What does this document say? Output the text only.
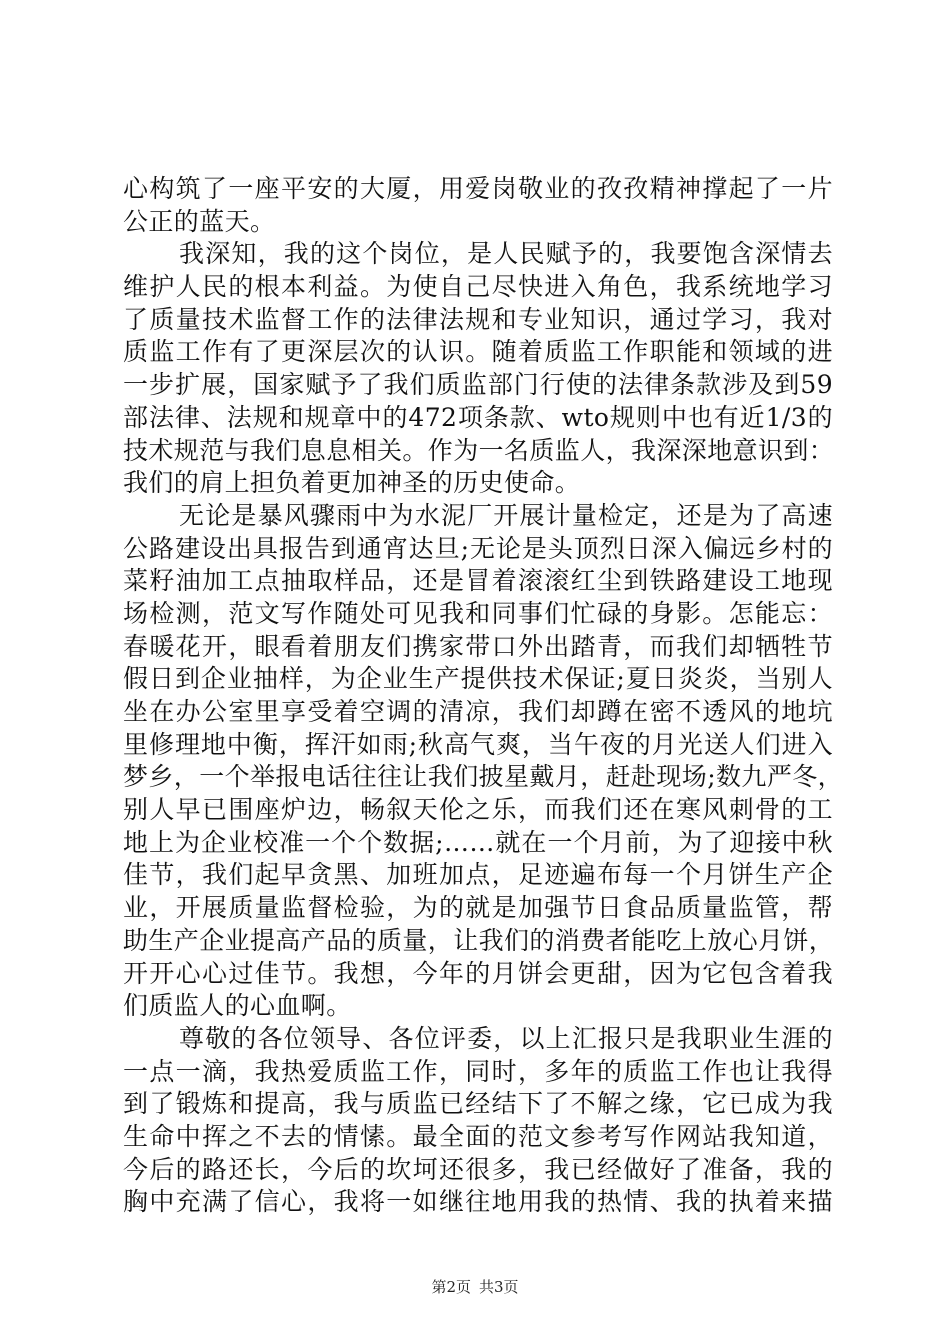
心构筑了一座平安的大厦，用爱岗敬业的孜孜精神撑起了一片
公正的蓝天。
我深知，我的这个岗位，是人民赋予的，我要饱含深情去
维护人民的根本利益。为使自己尽快进入角色，我系统地学习
了质量技术监督工作的法律法规和专业知识，通过学习，我对
质监工作有了更深层次的认识。随着质监工作职能和领域的进
一步扩展，国家赋予了我们质监部门行使的法律条款涉及到59
部法律、法规和规章中的472项条款、wto规则中也有近1/3的
技术规范与我们息息相关。作为一名质监人，我深深地意识到：
我们的肩上担负着更加神圣的历史使命。
无论是暴风骤雨中为水泥厂开展计量检定，还是为了高速
公路建设出具报告到通宵达旦;无论是头顶烈日深入偏远乡村的
菜籽油加工点抽取样品，还是冒着滚滚红尘到铁路建设工地现
场检测，范文写作随处可见我和同事们忙碌的身影。怎能忘：
春暖花开，眼看着朋友们携家带口外出踏青，而我们却牺牲节
假日到企业抽样，为企业生产提供技术保证;夏日炎炎，当别人
坐在办公室里享受着空调的清凉，我们却蹲在密不透风的地坑
里修理地中衡，挥汗如雨;秋高气爽，当午夜的月光送人们进入
梦乡，一个举报电话往往让我们披星戴月，赶赴现场;数九严冬，
别人早已围座炉边，畅叙天伦之乐，而我们还在寒风刺骨的工
地上为企业校准一个个数据;……就在一个月前，为了迎接中秋
佳节，我们起早贪黑、加班加点，足迹遍布每一个月饼生产企
业，开展质量监督检验，为的就是加强节日食品质量监管，帮
助生产企业提高产品的质量，让我们的消费者能吃上放心月饼，
开开心心过佳节。我想，今年的月饼会更甜，因为它包含着我
们质监人的心血啊。
尊敬的各位领导、各位评委，以上汇报只是我职业生涯的
一点一滴，我热爱质监工作，同时，多年的质监工作也让我得
到了锻炼和提高，我与质监已经结下了不解之缘，它已成为我
生命中挥之不去的情愫。最全面的范文参考写作网站我知道，
今后的路还长，今后的坎坷还很多，我已经做好了准备，我的
胸中充满了信心，我将一如继往地用我的热情、我的执着来描
第2页 共3页
